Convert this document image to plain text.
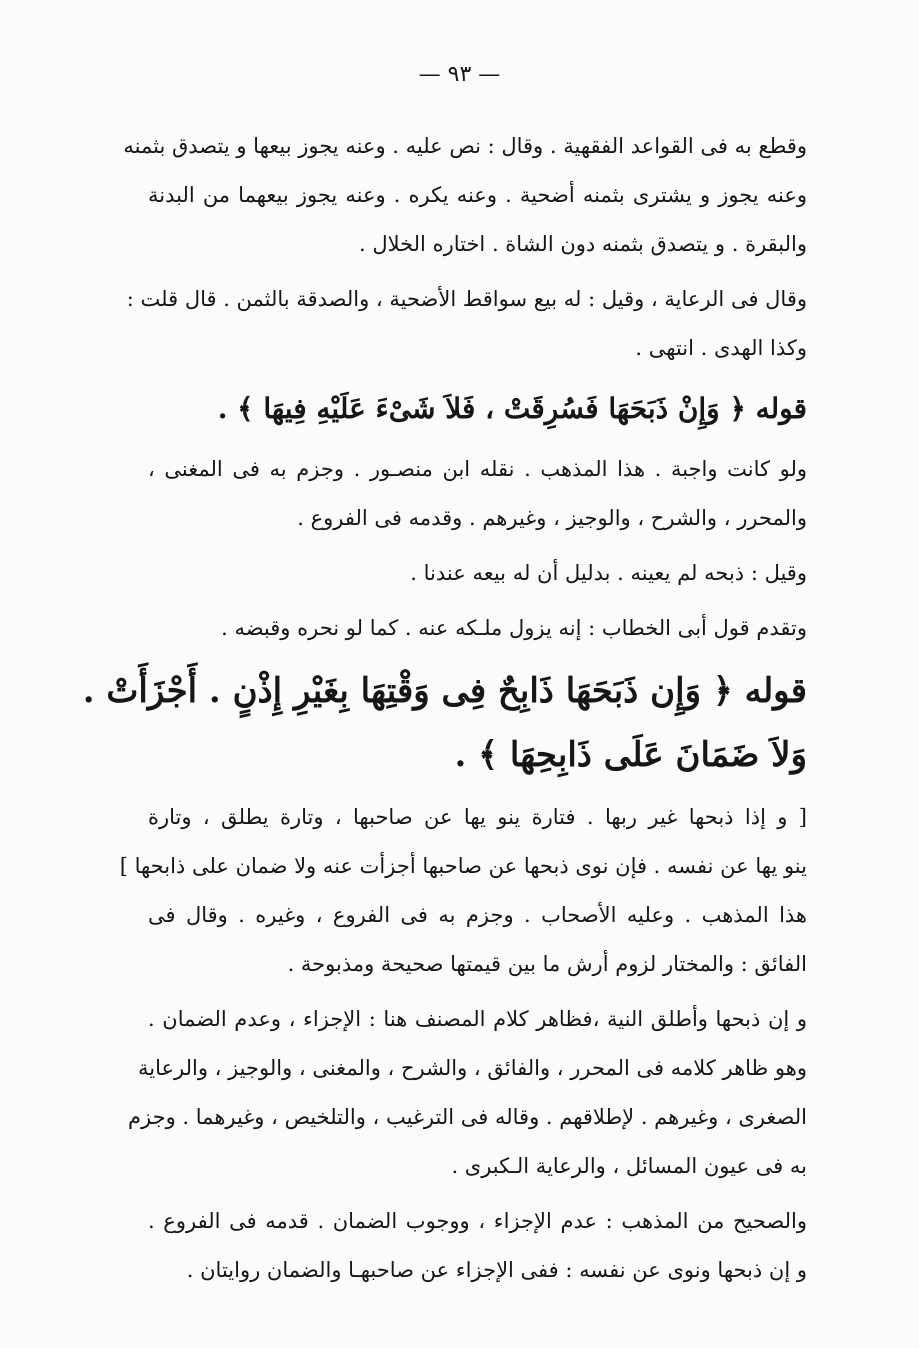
— ٩٣ —
وقطع به فى القواعد الفقهية . وقال : نص عليه . وعنه يجوز بيعها و يتصدق بثمنه
وعنه يجوز و يشترى بثمنه أضحية . وعنه يكره . وعنه يجوز بيعهما من البدنة
والبقرة . و يتصدق بثمنه دون الشاة . اختاره الخلال .
وقال فى الرعاية ، وقيل : له بيع سواقط الأضحية ، والصدقة بالثمن . قال قلت :
وكذا الهدى . انتهى .
قوله ﴿ وَإِنْ ذَبَحَهَا فَسُرِقَتْ ، فَلاَ شَىْءَ عَلَيْهِ فِيهَا ﴾ .
ولو كانت واجبة . هذا المذهب . نقله ابن منصـور . وجزم به فى المغنى ،
والمحرر ، والشرح ، والوجيز ، وغيرهم . وقدمه فى الفروع .
وقيل : ذبحه لم يعينه . بدليل أن له بيعه عندنا .
وتقدم قول أبى الخطاب : إنه يزول ملـكه عنه . كما لو نحره وقبضه .
قوله ﴿ وَإِن ذَبَحَهَا ذَابِحٌ فِى وَقْتِهَا بِغَيْرِ إِذْنٍ . أَجْزَأَتْ .
وَلاَ ضَمَانَ عَلَى ذَابِحِهَا ﴾ .
[ و إذا ذبحها غير ربها . فتارة ينو يها عن صاحبها ، وتارة يطلق ، وتارة
ينو يها عن نفسه . فإن نوى ذبحها عن صاحبها أجزأت عنه ولا ضمان على ذابحها ]
هذا المذهب . وعليه الأصحاب . وجزم به فى الفروع ، وغيره . وقال فى
الفائق : والمختار لزوم أرش ما بين قيمتها صحيحة ومذبوحة .
و إن ذبحها وأطلق النية ،فظاهر كلام المصنف هنا : الإجزاء ، وعدم الضمان .
وهو ظاهر كلامه فى المحرر ، والفائق ، والشرح ، والمغنى ، والوجيز ، والرعاية
الصغرى ، وغيرهم . لإطلاقهم . وقاله فى الترغيب ، والتلخيص ، وغيرهما . وجزم
به فى عيون المسائل ، والرعاية الـكبرى .
والصحيح من المذهب : عدم الإجزاء ، ووجوب الضمان . قدمه فى الفروع .
و إن ذبحها ونوى عن نفسه : ففى الإجزاء عن صاحبهـا والضمان روايتان .
